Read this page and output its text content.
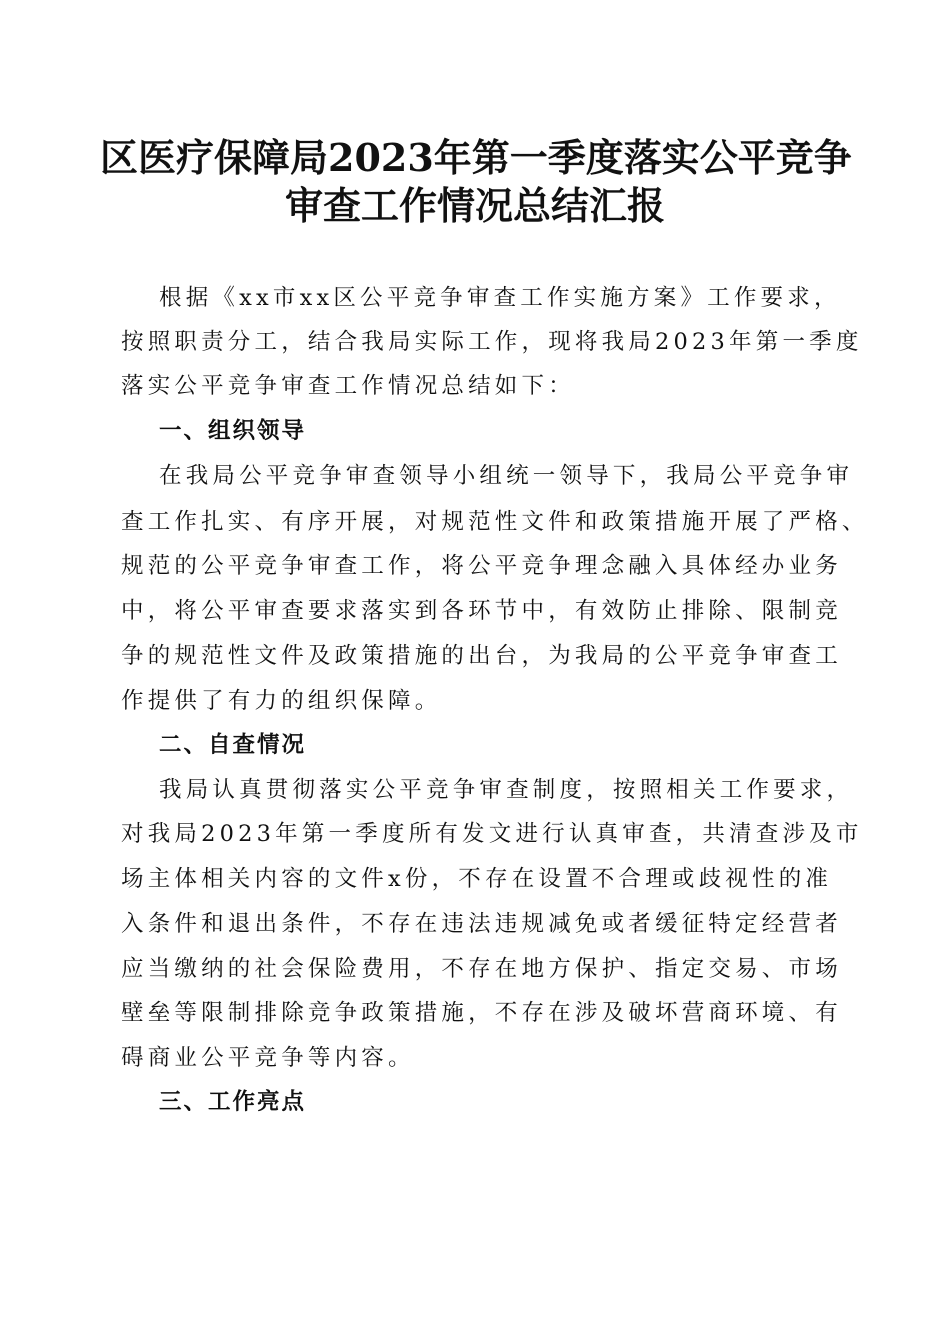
区医疗保障局2023年第一季度落实公平竞争
审查工作情况总结汇报

根据《xx市xx区公平竞争审查工作实施方案》工作要求，

按照职责分工，结合我局实际工作，现将我局2023年第一季度

落实公平竞争审查工作情况总结如下：

一、组织领导

在我局公平竞争审查领导小组统一领导下，我局公平竞争审

查工作扎实、有序开展，对规范性文件和政策措施开展了严格、

规范的公平竞争审查工作，将公平竞争理念融入具体经办业务

中，将公平审查要求落实到各环节中，有效防止排除、限制竞

争的规范性文件及政策措施的出台，为我局的公平竞争审查工

作提供了有力的组织保障。

二、自查情况

我局认真贯彻落实公平竞争审查制度，按照相关工作要求，

对我局2023年第一季度所有发文进行认真审查，共清查涉及市

场主体相关内容的文件x份，不存在设置不合理或歧视性的准

入条件和退出条件，不存在违法违规减免或者缓征特定经营者

应当缴纳的社会保险费用，不存在地方保护、指定交易、市场

壁垒等限制排除竞争政策措施，不存在涉及破坏营商环境、有

碍商业公平竞争等内容。

三、工作亮点
